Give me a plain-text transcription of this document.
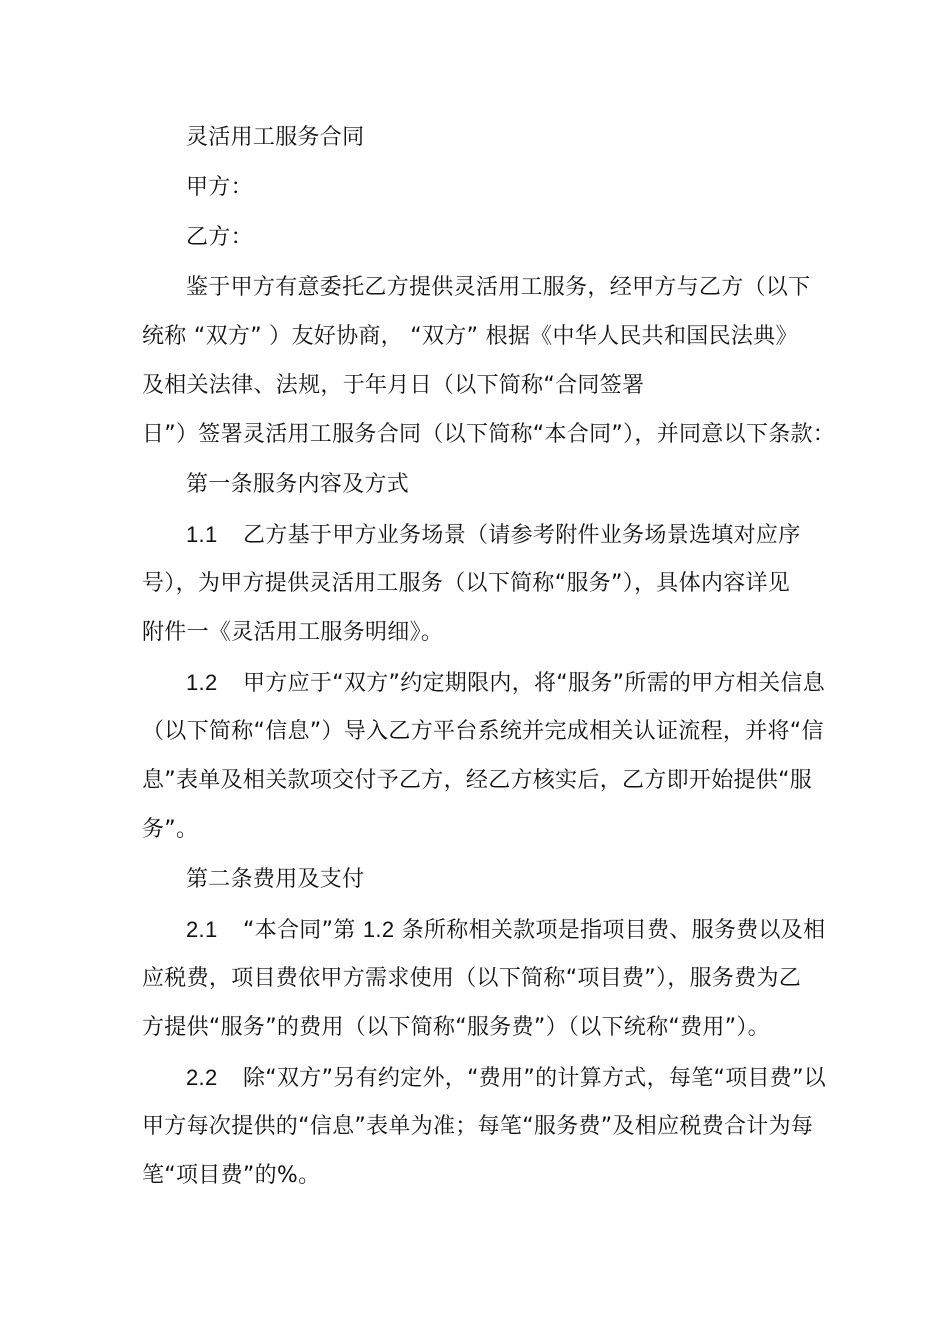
灵活用工服务合同
甲方：
乙方：
鉴于甲方有意委托乙方提供灵活用工服务，经甲方与乙方（以下
统称 “双方” ）友好协商， “双方” 根据《中华人民共和国民法典》
及相关法律、法规，于年月日（以下简称“合同签署
日”）签署灵活用工服务合同（以下简称“本合同”），并同意以下条款：
第一条服务内容及方式
1.1 乙方基于甲方业务场景（请参考附件业务场景选填对应序
号），为甲方提供灵活用工服务（以下简称“服务”），具体内容详见
附件一《灵活用工服务明细》。
1.2 甲方应于“双方”约定期限内，将“服务”所需的甲方相关信息
（以下简称“信息”）导入乙方平台系统并完成相关认证流程，并将“信
息”表单及相关款项交付予乙方，经乙方核实后，乙方即开始提供“服
务”。
第二条费用及支付
2.1 “本合同”第 1.2 条所称相关款项是指项目费、服务费以及相
应税费，项目费依甲方需求使用（以下简称“项目费”），服务费为乙
方提供“服务”的费用（以下简称“服务费”）（以下统称“费用”）。
2.2 除“双方”另有约定外，“费用”的计算方式，每笔“项目费”以
甲方每次提供的“信息”表单为准；每笔“服务费”及相应税费合计为每
笔“项目费”的%。
